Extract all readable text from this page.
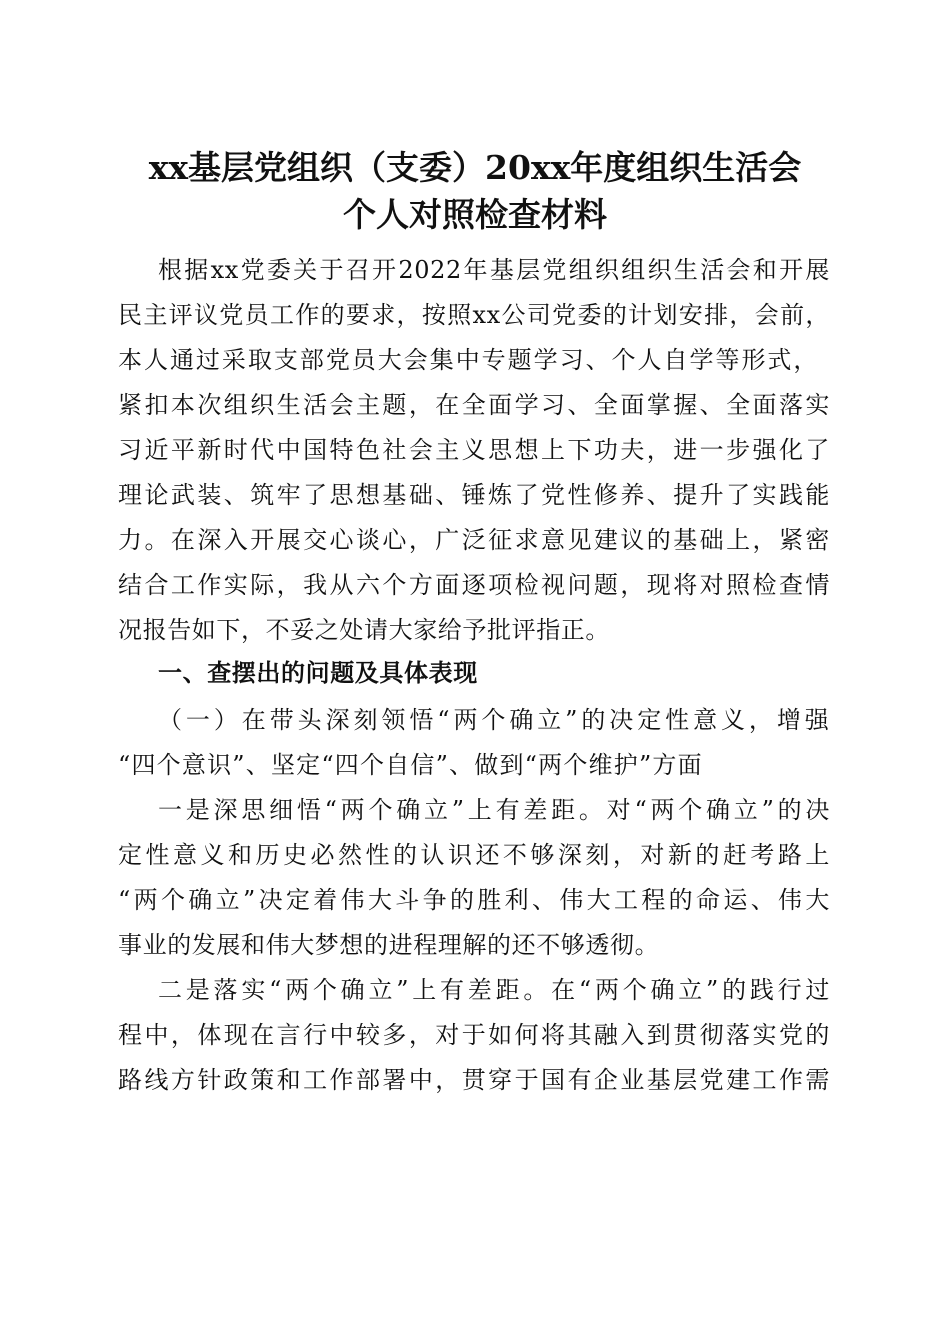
xx基层党组织（支委）20xx年度组织生活会
个人对照检查材料
根据xx党委关于召开2022年基层党组织组织生活会和开展
民主评议党员工作的要求，按照xx公司党委的计划安排，会前，
本人通过采取支部党员大会集中专题学习、个人自学等形式，
紧扣本次组织生活会主题，在全面学习、全面掌握、全面落实
习近平新时代中国特色社会主义思想上下功夫，进一步强化了
理论武装、筑牢了思想基础、锤炼了党性修养、提升了实践能
力。在深入开展交心谈心，广泛征求意见建议的基础上，紧密
结合工作实际，我从六个方面逐项检视问题，现将对照检查情
况报告如下，不妥之处请大家给予批评指正。
一、查摆出的问题及具体表现
（一）在带头深刻领悟“两个确立”的决定性意义，增强
“四个意识”、坚定“四个自信”、做到“两个维护”方面
一是深思细悟“两个确立”上有差距。对“两个确立”的决
定性意义和历史必然性的认识还不够深刻，对新的赶考路上
“两个确立”决定着伟大斗争的胜利、伟大工程的命运、伟大
事业的发展和伟大梦想的进程理解的还不够透彻。
二是落实“两个确立”上有差距。在“两个确立”的践行过
程中，体现在言行中较多，对于如何将其融入到贯彻落实党的
路线方针政策和工作部署中，贯穿于国有企业基层党建工作需
